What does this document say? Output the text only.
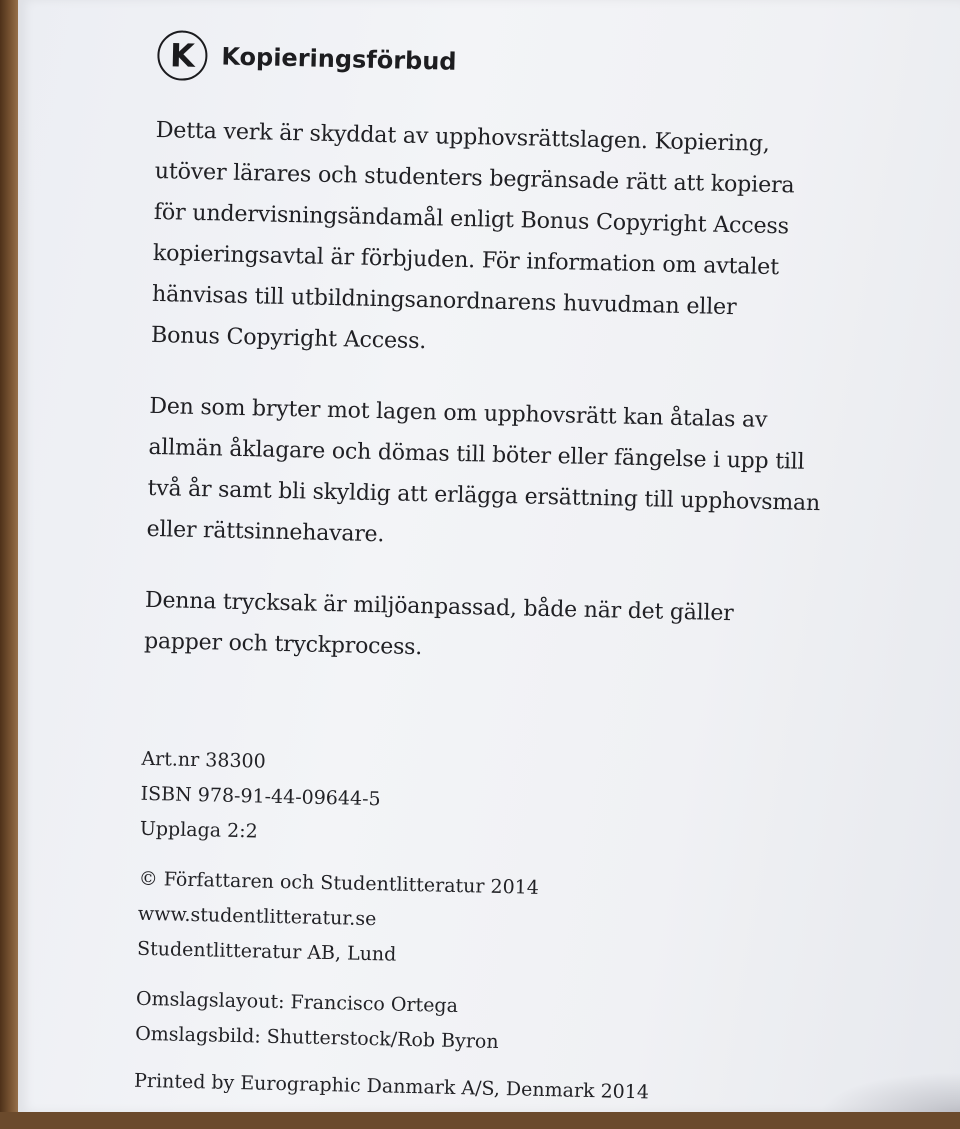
K	Kopieringsförbud

Detta verk är skyddat av upphovsrättslagen. Kopiering,
utöver lärares och studenters begränsade rätt att kopiera
för undervisningsändamål enligt Bonus Copyright Access
kopieringsavtal är förbjuden. För information om avtalet
hänvisas till utbildningsanordnarens huvudman eller
Bonus Copyright Access.

Den som bryter mot lagen om upphovsrätt kan åtalas av
allmän åklagare och dömas till böter eller fängelse i upp till
två år samt bli skyldig att erlägga ersättning till upphovsman
eller rättsinnehavare.

Denna trycksak är miljöanpassad, både när det gäller
papper och tryckprocess.

Art.nr 38300
ISBN 978-91-44-09644-5
Upplaga 2:2
© Författaren och Studentlitteratur 2014
www.studentlitteratur.se
Studentlitteratur AB, Lund
Omslagslayout: Francisco Ortega
Omslagsbild: Shutterstock/Rob Byron
Printed by Eurographic Danmark A/S, Denmark 2014
